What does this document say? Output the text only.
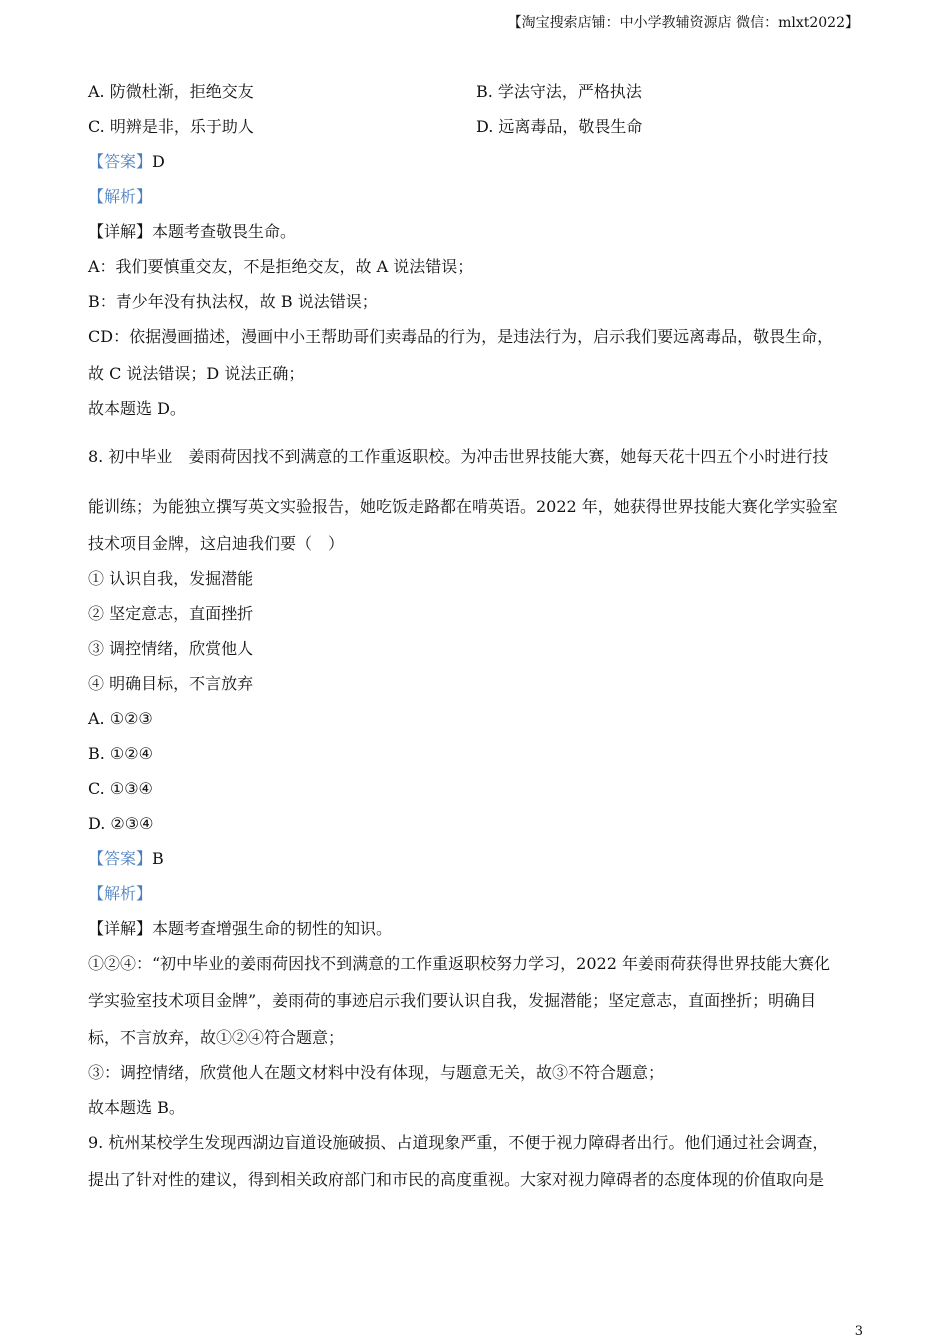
【淘宝搜索店铺：中小学教辅资源店 微信：mlxt2022】
A. 防微杜渐，拒绝交友	B. 学法守法，严格执法
C. 明辨是非，乐于助人	D. 远离毒品，敬畏生命
【答案】D
【解析】
【详解】本题考查敬畏生命。
A：我们要慎重交友，不是拒绝交友，故 A 说法错误；
B：青少年没有执法权，故 B 说法错误；
CD：依据漫画描述，漫画中小王帮助哥们卖毒品的行为，是违法行为，启示我们要远离毒品，敬畏生命，
故 C 说法错误；D 说法正确；
故本题选 D。
8. 初中毕业　姜雨荷因找不到满意的工作重返职校。为冲击世界技能大赛，她每天花十四五个小时进行技
能训练；为能独立撰写英文实验报告，她吃饭走路都在啃英语。2022 年，她获得世界技能大赛化学实验室
技术项目金牌，这启迪我们要（　）
① 认识自我，发掘潜能
② 坚定意志，直面挫折
③ 调控情绪，欣赏他人
④ 明确目标，不言放弃
A. ①②③
B. ①②④
C. ①③④
D. ②③④
【答案】B
【解析】
【详解】本题考查增强生命的韧性的知识。
①②④：“初中毕业的姜雨荷因找不到满意的工作重返职校努力学习，2022 年姜雨荷获得世界技能大赛化
学实验室技术项目金牌”，姜雨荷的事迹启示我们要认识自我，发掘潜能；坚定意志，直面挫折；明确目
标，不言放弃，故①②④符合题意；
③：调控情绪，欣赏他人在题文材料中没有体现，与题意无关，故③不符合题意；
故本题选 B。
9. 杭州某校学生发现西湖边盲道设施破损、占道现象严重，不便于视力障碍者出行。他们通过社会调查，
提出了针对性的建议，得到相关政府部门和市民的高度重视。大家对视力障碍者的态度体现的价值取向是
3
